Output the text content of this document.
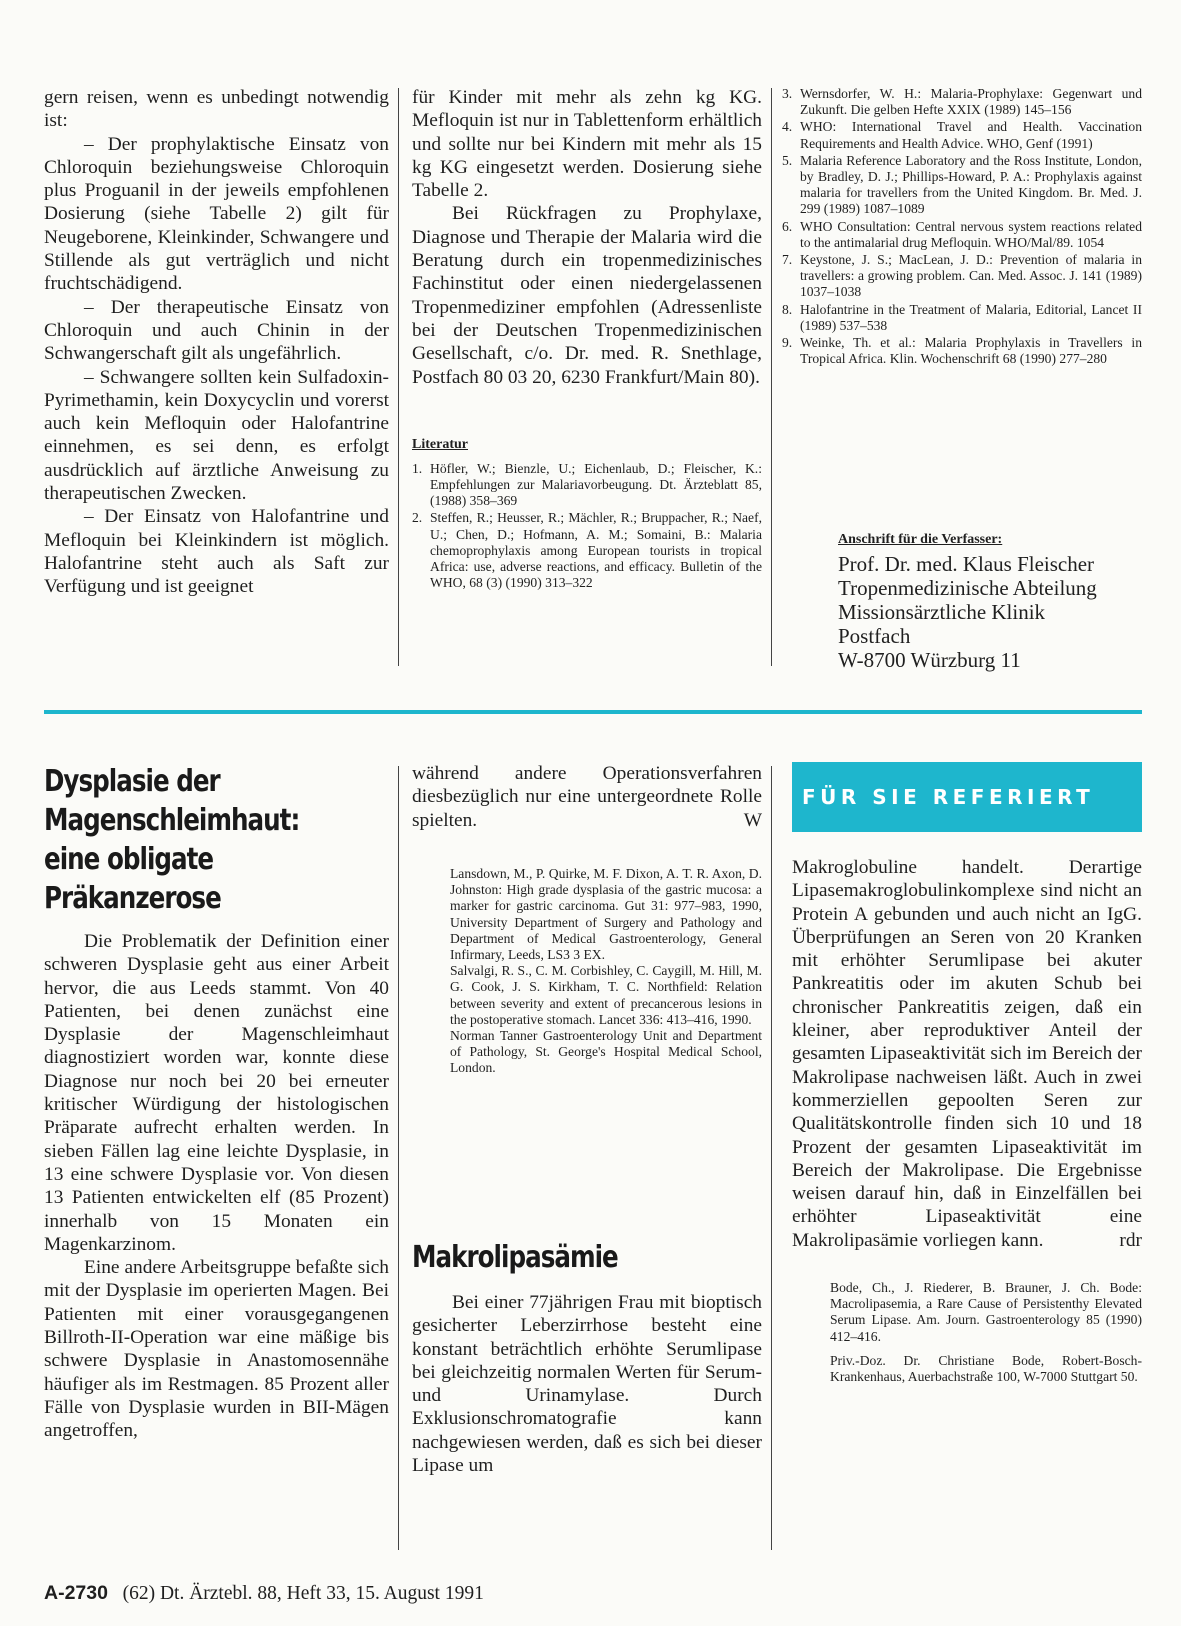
gern reisen, wenn es unbedingt notwendig ist:

– Der prophylaktische Einsatz von Chloroquin beziehungsweise Chloroquin plus Proguanil in der jeweils empfohlenen Dosierung (siehe Tabelle 2) gilt für Neugeborene, Kleinkinder, Schwangere und Stillende als gut verträglich und nicht fruchtschädigend.

– Der therapeutische Einsatz von Chloroquin und auch Chinin in der Schwangerschaft gilt als ungefährlich.

– Schwangere sollten kein Sulfadoxin-Pyrimethamin, kein Doxycyclin und vorerst auch kein Mefloquin oder Halofantrine einnehmen, es sei denn, es erfolgt ausdrücklich auf ärztliche Anweisung zu therapeutischen Zwecken.

– Der Einsatz von Halofantrine und Mefloquin bei Kleinkindern ist möglich. Halofantrine steht auch als Saft zur Verfügung und ist geeignet

für Kinder mit mehr als zehn kg KG. Mefloquin ist nur in Tablettenform erhältlich und sollte nur bei Kindern mit mehr als 15 kg KG eingesetzt werden. Dosierung siehe Tabelle 2.

Bei Rückfragen zu Prophylaxe, Diagnose und Therapie der Malaria wird die Beratung durch ein tropenmedizinisches Fachinstitut oder einen niedergelassenen Tropenmediziner empfohlen (Adressenliste bei der Deutschen Tropenmedizinischen Gesellschaft, c/o. Dr. med. R. Snethlage, Postfach 80 03 20, 6230 Frankfurt/Main 80).

Literatur

1. Höfler, W.; Bienzle, U.; Eichenlaub, D.; Fleischer, K.: Empfehlungen zur Malariavorbeugung. Dt. Ärzteblatt 85, (1988) 358–369
2. Steffen, R.; Heusser, R.; Mächler, R.; Bruppacher, R.; Naef, U.; Chen, D.; Hofmann, A. M.; Somaini, B.: Malaria chemoprophylaxis among European tourists in tropical Africa: use, adverse reactions, and efficacy. Bulletin of the WHO, 68 (3) (1990) 313–322
3. Wernsdorfer, W. H.: Malaria-Prophylaxe: Gegenwart und Zukunft. Die gelben Hefte XXIX (1989) 145–156
4. WHO: International Travel and Health. Vaccination Requirements and Health Advice. WHO, Genf (1991)
5. Malaria Reference Laboratory and the Ross Institute, London, by Bradley, D. J.; Phillips-Howard, P. A.: Prophylaxis against malaria for travellers from the United Kingdom. Br. Med. J. 299 (1989) 1087–1089
6. WHO Consultation: Central nervous system reactions related to the antimalarial drug Mefloquin. WHO/Mal/89. 1054
7. Keystone, J. S.; MacLean, J. D.: Prevention of malaria in travellers: a growing problem. Can. Med. Assoc. J. 141 (1989) 1037–1038
8. Halofantrine in the Treatment of Malaria, Editorial, Lancet II (1989) 537–538
9. Weinke, Th. et al.: Malaria Prophylaxis in Travellers in Tropical Africa. Klin. Wochenschrift 68 (1990) 277–280

Anschrift für die Verfasser:

Prof. Dr. med. Klaus Fleischer

Tropenmedizinische Abteilung

Missionsärztliche Klinik

Postfach

W-8700 Würzburg 11

Dysplasie der

Magenschleimhaut:

eine obligate

Präkanzerose

Die Problematik der Definition einer schweren Dysplasie geht aus einer Arbeit hervor, die aus Leeds stammt. Von 40 Patienten, bei denen zunächst eine Dysplasie der Magenschleimhaut diagnostiziert worden war, konnte diese Diagnose nur noch bei 20 bei erneuter kritischer Würdigung der histologischen Präparate aufrecht erhalten werden. In sieben Fällen lag eine leichte Dysplasie, in 13 eine schwere Dysplasie vor. Von diesen 13 Patienten entwickelten elf (85 Prozent) innerhalb von 15 Monaten ein Magenkarzinom.

Eine andere Arbeitsgruppe befaßte sich mit der Dysplasie im operierten Magen. Bei Patienten mit einer vorausgegangenen Billroth-II-Operation war eine mäßige bis schwere Dysplasie in Anastomosennähe häufiger als im Restmagen. 85 Prozent aller Fälle von Dysplasie wurden in BII-Mägen angetroffen,

während andere Operationsverfahren diesbezüglich nur eine untergeordnete Rolle spielten.	W

Lansdown, M., P. Quirke, M. F. Dixon, A. T. R. Axon, D. Johnston: High grade dysplasia of the gastric mucosa: a marker for gastric carcinoma. Gut 31: 977–983, 1990, University Department of Surgery and Pathology and Department of Medical Gastroenterology, General Infirmary, Leeds, LS3 3 EX.

Salvalgi, R. S., C. M. Corbishley, C. Caygill, M. Hill, M. G. Cook, J. S. Kirkham, T. C. Northfield: Relation between severity and extent of precancerous lesions in the postoperative stomach. Lancet 336: 413–416, 1990.

Norman Tanner Gastroenterology Unit and Department of Pathology, St. George's Hospital Medical School, London.

Makrolipasämie

Bei einer 77jährigen Frau mit bioptisch gesicherter Leberzirrhose besteht eine konstant beträchtlich erhöhte Serumlipase bei gleichzeitig normalen Werten für Serum- und Urinamylase. Durch Exklusionschromatografie kann nachgewiesen werden, daß es sich bei dieser Lipase um

FÜR SIE REFERIERT

Makroglobuline handelt. Derartige Lipasemakroglobulinkomplexe sind nicht an Protein A gebunden und auch nicht an IgG. Überprüfungen an Seren von 20 Kranken mit erhöhter Serumlipase bei akuter Pankreatitis oder im akuten Schub bei chronischer Pankreatitis zeigen, daß ein kleiner, aber reproduktiver Anteil der gesamten Lipaseaktivität sich im Bereich der Makrolipase nachweisen läßt. Auch in zwei kommerziellen gepoolten Seren zur Qualitätskontrolle finden sich 10 und 18 Prozent der gesamten Lipaseaktivität im Bereich der Makrolipase. Die Ergebnisse weisen darauf hin, daß in Einzelfällen bei erhöhter Lipaseaktivität eine Makrolipasämie vorliegen kann.	rdr

Bode, Ch., J. Riederer, B. Brauner, J. Ch. Bode: Macrolipasemia, a Rare Cause of Persistenthy Elevated Serum Lipase. Am. Journ. Gastroenterology 85 (1990) 412–416.

Priv.-Doz. Dr. Christiane Bode, Robert-Bosch-Krankenhaus, Auerbachstraße 100, W-7000 Stuttgart 50.

A-2730 (62) Dt. Ärztebl. 88, Heft 33, 15. August 1991
